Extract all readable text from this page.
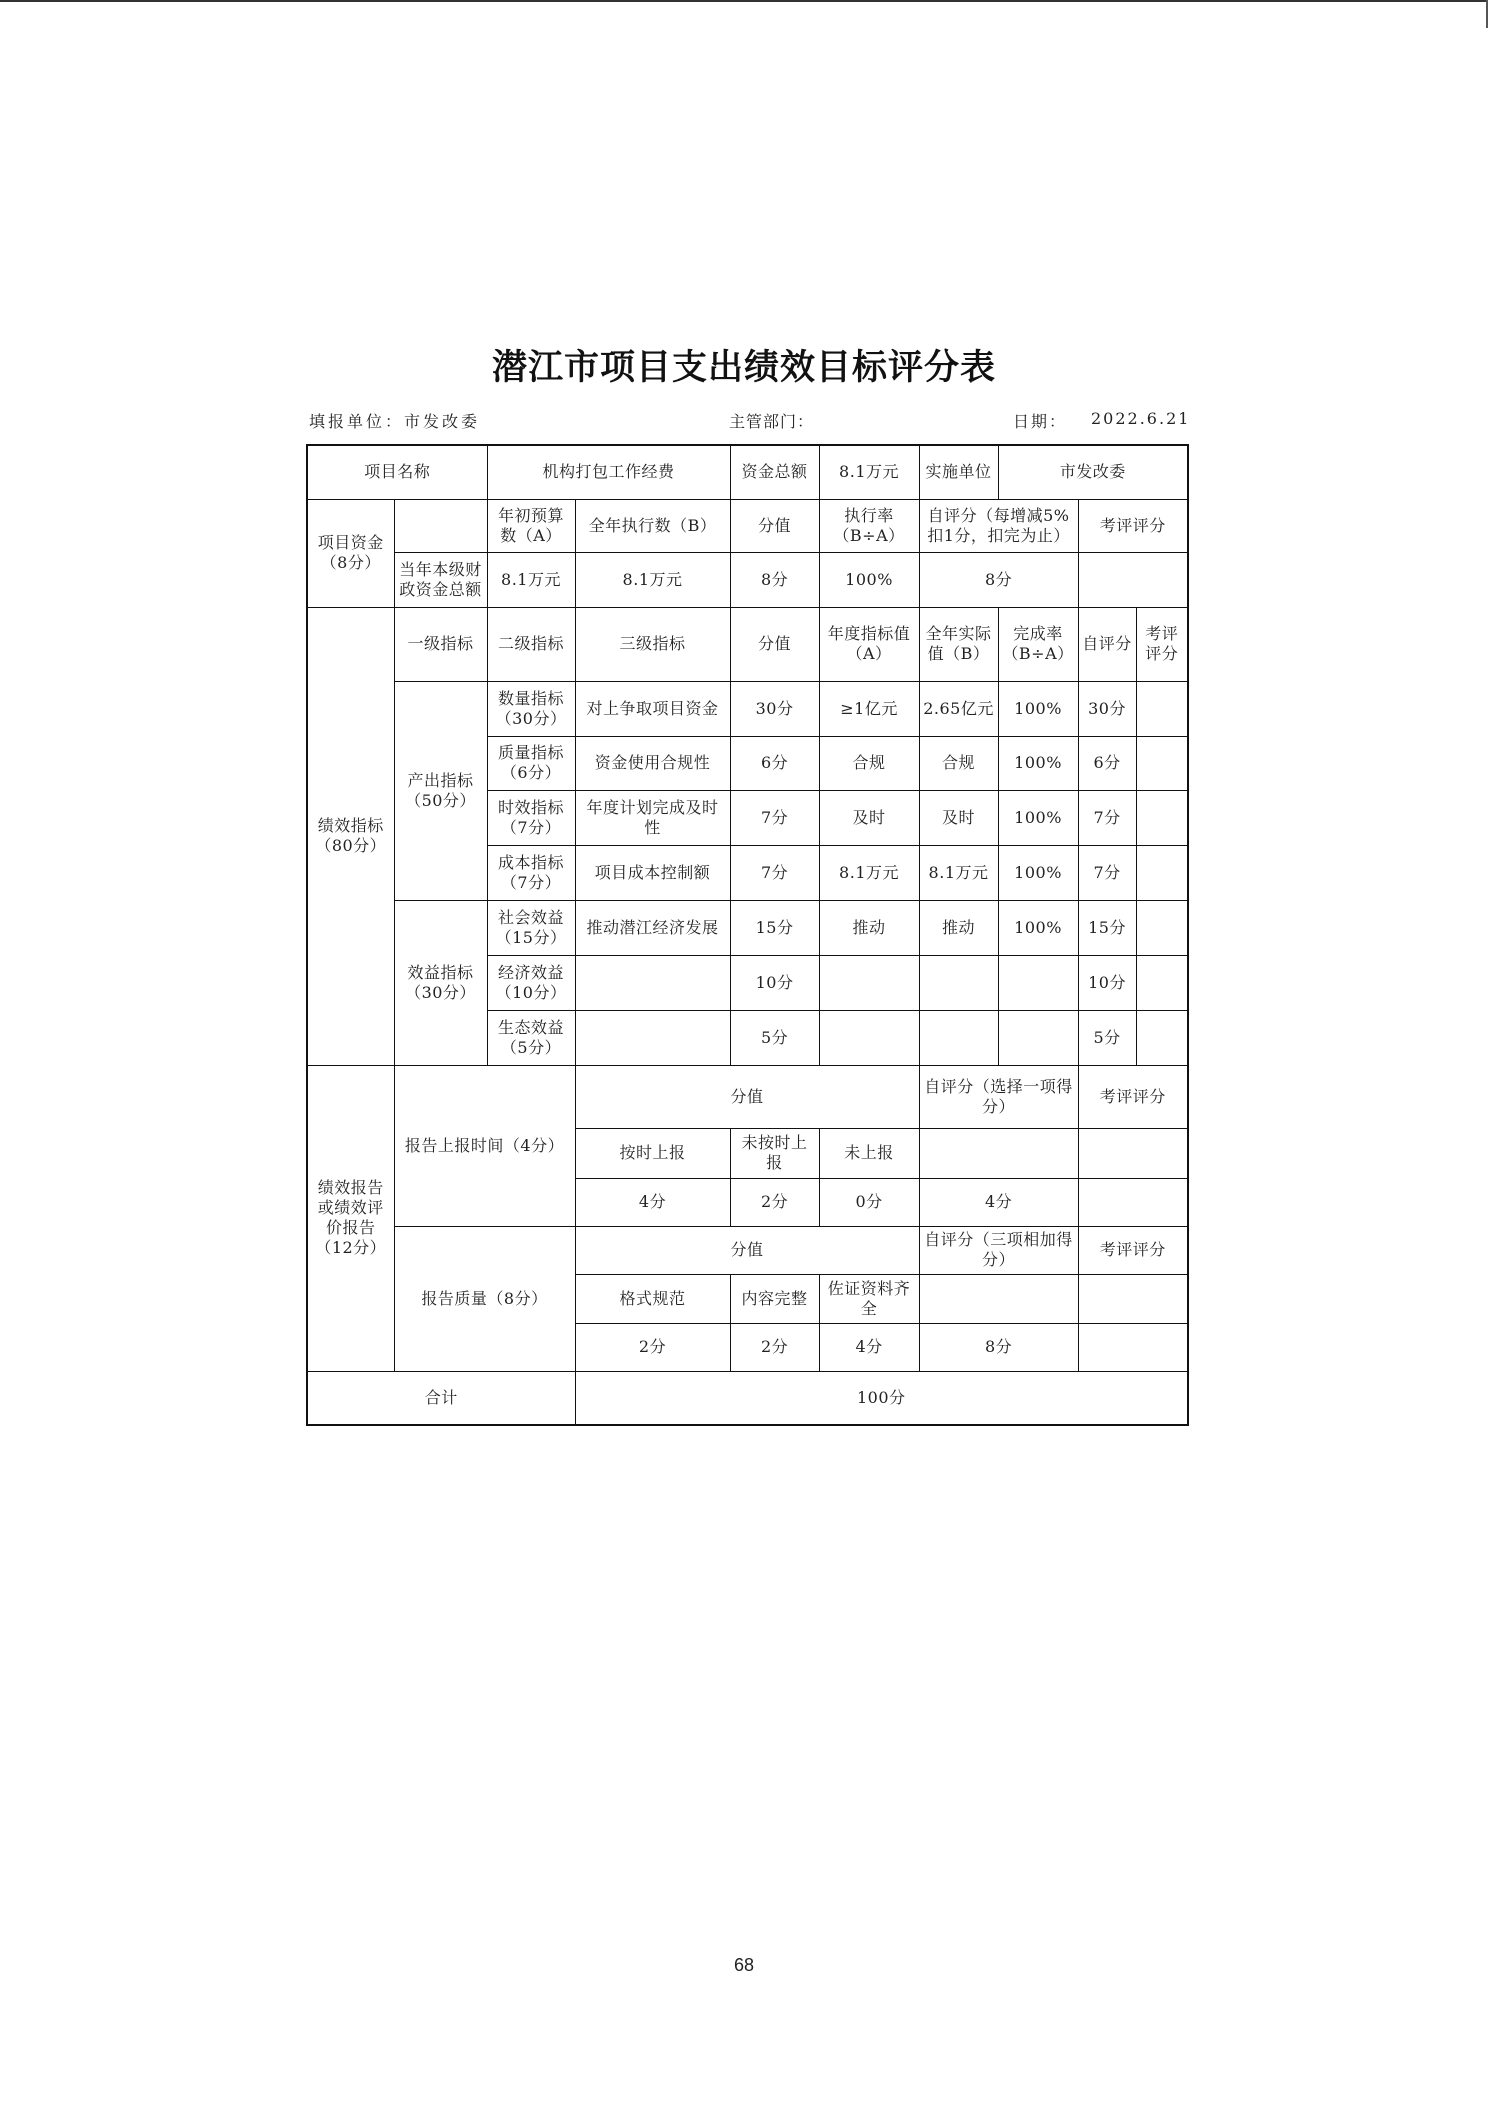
潜江市项目支出绩效目标评分表
填报单位：市发改委	主管部门：	日期： 2022.6.21
项目名称		机构打包工作经费		资金总额	8.1万元	实施单位	市发改委		
项目资金（8分）		年初预算数（A）	全年执行数（B）	分值	执行率（B÷A）	自评分（每增减5%扣1分，扣完为止）		考评评分	
	当年本级财政资金总额	8.1万元	8.1万元	8分	100%	8分			
绩效指标（80分）	一级指标	二级指标	三级指标	分值	年度指标值（A）	全年实际值（B）	完成率（B÷A）	自评分	考评评分
	产出指标（50分）	数量指标（30分）	对上争取项目资金	30分	≥1亿元	2.65亿元	100%	30分	
		质量指标（6分）	资金使用合规性	6分	合规	合规	100%	6分	
		时效指标（7分）	年度计划完成及时性	7分	及时	及时	100%	7分	
		成本指标（7分）	项目成本控制额	7分	8.1万元	8.1万元	100%	7分	
	效益指标（30分）	社会效益（15分）	推动潜江经济发展	15分	推动	推动	100%	15分	
		经济效益（10分）		10分				10分	
		生态效益（5分）		5分				5分	
绩效报告或绩效评价报告（12分）	报告上报时间（4分）		分值			自评分（选择一项得分）		考评评分	
			按时上报	未按时上报	未上报				
			4分	2分	0分	4分			
	报告质量（8分）		分值			自评分（三项相加得分）		考评评分	
			格式规范	内容完整	佐证资料齐全				
			2分	2分	4分	8分			
合计			100分						
68
